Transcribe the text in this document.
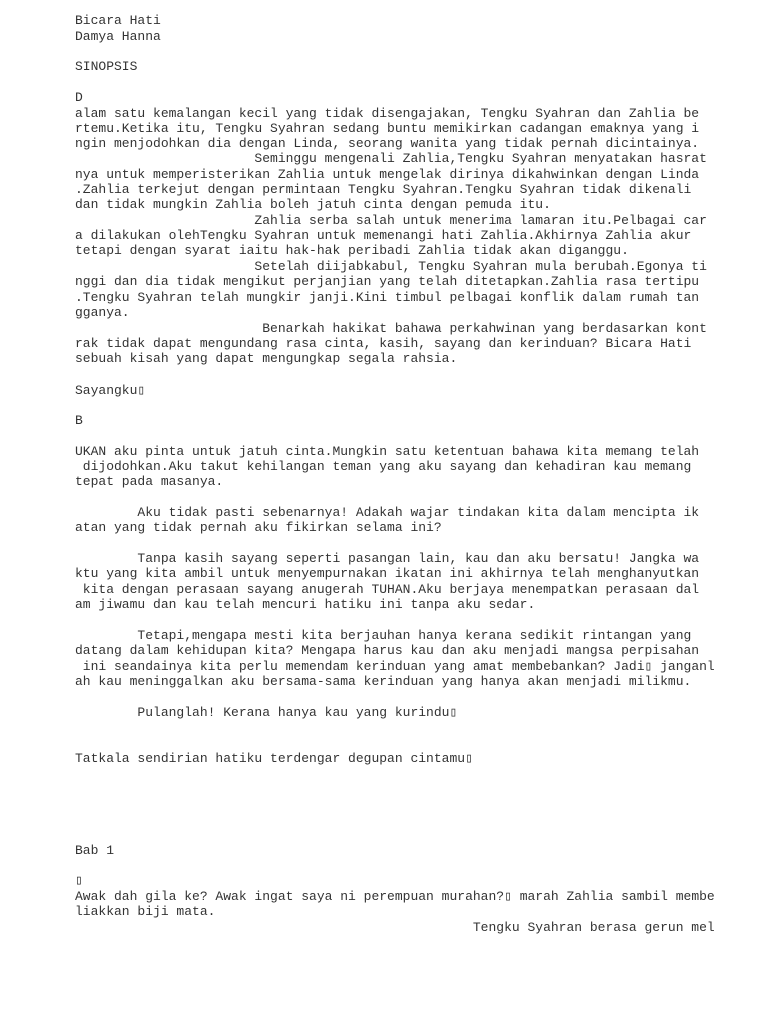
Bicara Hati
Damya Hanna
SINOPSIS
D
alam satu kemalangan kecil yang tidak disengajakan, Tengku Syahran dan Zahlia be
rtemu.Ketika itu, Tengku Syahran sedang buntu memikirkan cadangan emaknya yang i
ngin menjodohkan dia dengan Linda, seorang wanita yang tidak pernah dicintainya.
Seminggu mengenali Zahlia,Tengku Syahran menyatakan hasrat
nya untuk memperisterikan Zahlia untuk mengelak dirinya dikahwinkan dengan Linda
.Zahlia terkejut dengan permintaan Tengku Syahran.Tengku Syahran tidak dikenali
dan tidak mungkin Zahlia boleh jatuh cinta dengan pemuda itu.
Zahlia serba salah untuk menerima lamaran itu.Pelbagai car
a dilakukan olehTengku Syahran untuk memenangi hati Zahlia.Akhirnya Zahlia akur
tetapi dengan syarat iaitu hak-hak peribadi Zahlia tidak akan diganggu.
Setelah diijabkabul, Tengku Syahran mula berubah.Egonya ti
nggi dan dia tidak mengikut perjanjian yang telah ditetapkan.Zahlia rasa tertipu
.Tengku Syahran telah mungkir janji.Kini timbul pelbagai konflik dalam rumah tan
gganya.
Benarkah hakikat bahawa perkahwinan yang berdasarkan kont
rak tidak dapat mengundang rasa cinta, kasih, sayang dan kerinduan? Bicara Hati
sebuah kisah yang dapat mengungkap segala rahsia.
Sayangku▯
B
UKAN aku pinta untuk jatuh cinta.Mungkin satu ketentuan bahawa kita memang telah
dijodohkan.Aku takut kehilangan teman yang aku sayang dan kehadiran kau memang
tepat pada masanya.
Aku tidak pasti sebenarnya! Adakah wajar tindakan kita dalam mencipta ik
atan yang tidak pernah aku fikirkan selama ini?
Tanpa kasih sayang seperti pasangan lain, kau dan aku bersatu! Jangka wa
ktu yang kita ambil untuk menyempurnakan ikatan ini akhirnya telah menghanyutkan
kita dengan perasaan sayang anugerah TUHAN.Aku berjaya menempatkan perasaan dal
am jiwamu dan kau telah mencuri hatiku ini tanpa aku sedar.
Tetapi,mengapa mesti kita berjauhan hanya kerana sedikit rintangan yang
datang dalam kehidupan kita? Mengapa harus kau dan aku menjadi mangsa perpisahan
ini seandainya kita perlu memendam kerinduan yang amat membebankan? Jadi▯ janganl
ah kau meninggalkan aku bersama-sama kerinduan yang hanya akan menjadi milikmu.
Pulanglah! Kerana hanya kau yang kurindu▯
Tatkala sendirian hatiku terdengar degupan cintamu▯
Bab 1
▯
Awak dah gila ke? Awak ingat saya ni perempuan murahan?▯ marah Zahlia sambil membe
liakkan biji mata.
Tengku Syahran berasa gerun mel
